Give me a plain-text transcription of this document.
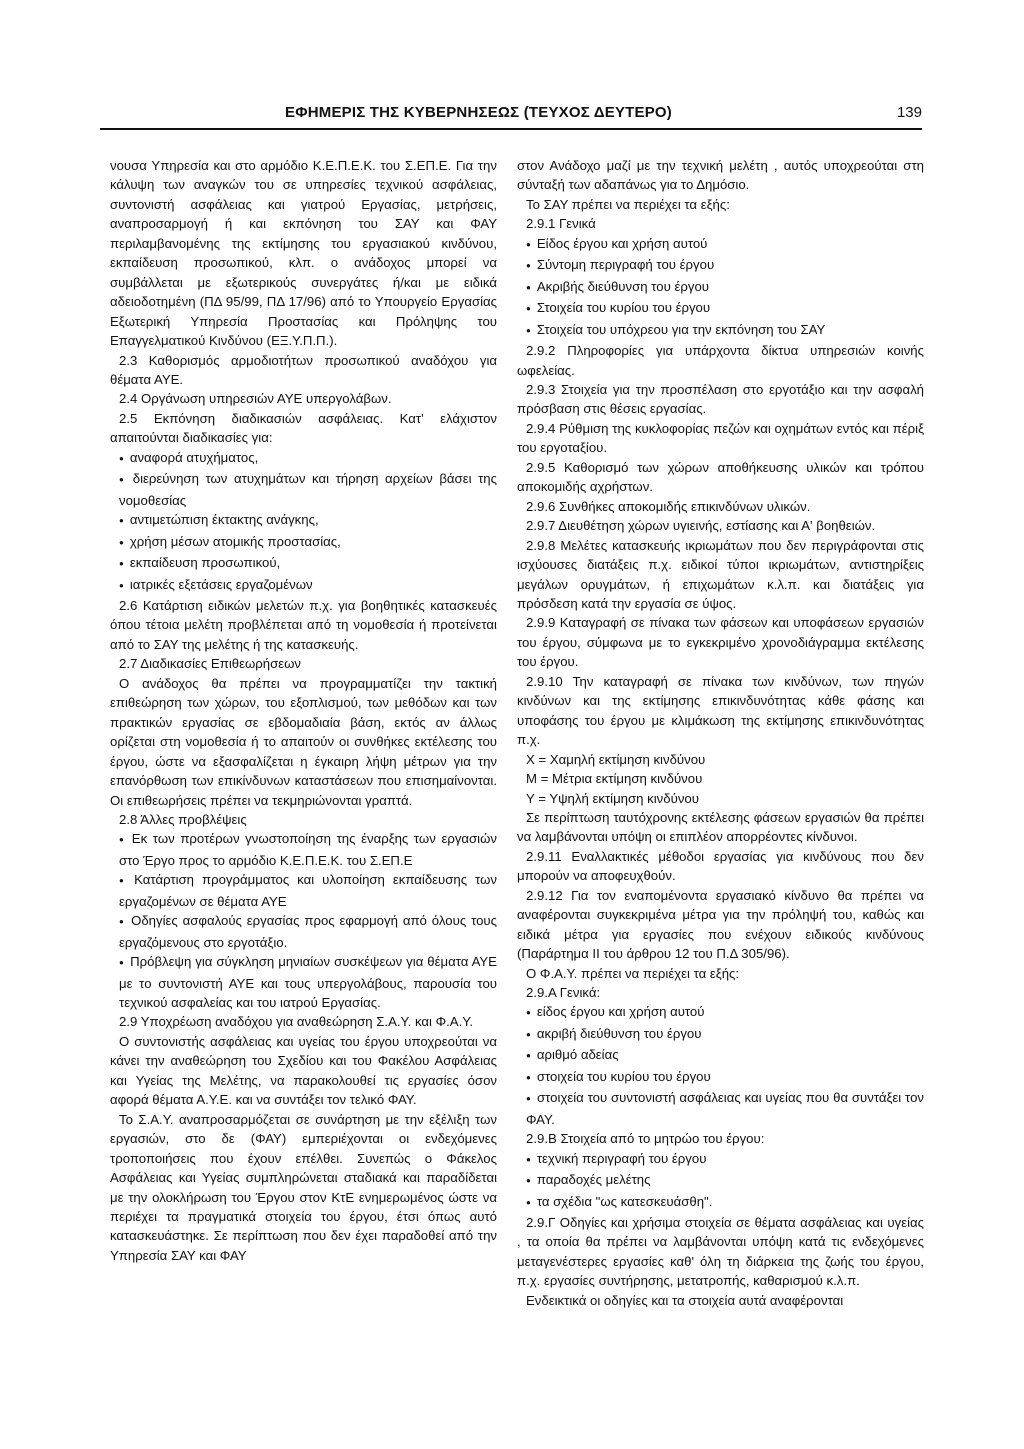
ΕΦΗΜΕΡΙΣ ΤΗΣ ΚΥΒΕΡΝΗΣΕΩΣ (ΤΕΥΧΟΣ ΔΕΥΤΕΡΟ)	139

νουσα Υπηρεσία και στο αρμόδιο Κ.Ε.Π.Ε.Κ. του Σ.ΕΠ.Ε. Για την κάλυψη των αναγκών του σε υπηρεσίες τεχνικού ασφάλειας, συντονιστή ασφάλειας και γιατρού Εργασίας, μετρήσεις, αναπροσαρμογή ή και εκπόνηση του ΣΑΥ και ΦΑΥ περιλαμβανομένης της εκτίμησης του εργασιακού κινδύνου, εκπαίδευση προσωπικού, κλπ. ο ανάδοχος μπορεί να συμβάλλεται με εξωτερικούς συνεργάτες ή/και με ειδικά αδειοδοτημένη (ΠΔ 95/99, ΠΔ 17/96) από το Υπουργείο Εργασίας Εξωτερική Υπηρεσία Προστασίας και Πρόληψης του Επαγγελματικού Κινδύνου (ΕΞ.Υ.Π.Π.).

2.3 Καθορισμός αρμοδιοτήτων προσωπικού αναδόχου για θέματα ΑΥΕ.

2.4 Οργάνωση υπηρεσιών ΑΥΕ υπεργολάβων.

2.5 Εκπόνηση διαδικασιών ασφάλειας. Κατ' ελάχιστον απαιτούνται διαδικασίες για:

● αναφορά ατυχήματος,

● διερεύνηση των ατυχημάτων και τήρηση αρχείων βάσει της νομοθεσίας

● αντιμετώπιση έκτακτης ανάγκης,

● χρήση μέσων ατομικής προστασίας,

● εκπαίδευση προσωπικού,

● ιατρικές εξετάσεις εργαζομένων

2.6 Κατάρτιση ειδικών μελετών π.χ. για βοηθητικές κατασκευές όπου τέτοια μελέτη προβλέπεται από τη νομοθεσία ή προτείνεται από το ΣΑΥ της μελέτης ή της κατασκευής.

2.7 Διαδικασίες Επιθεωρήσεων

Ο ανάδοχος θα πρέπει να προγραμματίζει την τακτική επιθεώρηση των χώρων, του εξοπλισμού, των μεθόδων και των πρακτικών εργασίας σε εβδομαδιαία βάση, εκτός αν άλλως ορίζεται στη νομοθεσία ή το απαιτούν οι συνθήκες εκτέλεσης του έργου, ώστε να εξασφαλίζεται η έγκαιρη λήψη μέτρων για την επανόρθωση των επικίνδυνων καταστάσεων που επισημαίνονται. Οι επιθεωρήσεις πρέπει να τεκμηριώνονται γραπτά.

2.8 Άλλες προβλέψεις

● Εκ των προτέρων γνωστοποίηση της έναρξης των εργασιών στο Έργο προς το αρμόδιο Κ.Ε.Π.Ε.Κ. του Σ.ΕΠ.Ε

● Κατάρτιση προγράμματος και υλοποίηση εκπαίδευσης των εργαζομένων σε θέματα ΑΥΕ

● Οδηγίες ασφαλούς εργασίας προς εφαρμογή από όλους τους εργαζόμενους στο εργοτάξιο.

● Πρόβλεψη για σύγκληση μηνιαίων συσκέψεων για θέματα ΑΥΕ με το συντονιστή ΑΥΕ και τους υπεργολάβους, παρουσία του τεχνικού ασφαλείας και του ιατρού Εργασίας.

2.9 Υποχρέωση αναδόχου για αναθεώρηση Σ.Α.Υ. και Φ.Α.Υ.

Ο συντονιστής ασφάλειας και υγείας του έργου υποχρεούται να κάνει την αναθεώρηση του Σχεδίου και του Φακέλου Ασφάλειας και Υγείας της Μελέτης, να παρακολουθεί τις εργασίες όσον αφορά θέματα Α.Υ.Ε. και να συντάξει τον τελικό ΦΑΥ.

Το Σ.Α.Υ. αναπροσαρμόζεται σε συνάρτηση με την εξέλιξη των εργασιών, στο δε (ΦΑΥ) εμπεριέχονται οι ενδεχόμενες τροποποιήσεις που έχουν επέλθει. Συνεπώς ο Φάκελος Ασφάλειας και Υγείας συμπληρώνεται σταδιακά και παραδίδεται με την ολοκλήρωση του Έργου στον ΚτΕ ενημερωμένος ώστε να περιέχει τα πραγματικά στοιχεία του έργου, έτσι όπως αυτό κατασκευάστηκε. Σε περίπτωση που δεν έχει παραδοθεί από την Υπηρεσία ΣΑΥ και ΦΑΥ

στον Ανάδοχο μαζί με την τεχνική μελέτη , αυτός υποχρεούται στη σύνταξή των αδαπάνως για το Δημόσιο.

Το ΣΑΥ πρέπει να περιέχει τα εξής:

2.9.1 Γενικά

● Είδος έργου και χρήση αυτού

● Σύντομη περιγραφή του έργου

● Ακριβής διεύθυνση του έργου

● Στοιχεία του κυρίου του έργου

● Στοιχεία του υπόχρεου για την εκπόνηση του ΣΑΥ

2.9.2 Πληροφορίες για υπάρχοντα δίκτυα υπηρεσιών κοινής ωφελείας.

2.9.3 Στοιχεία για την προσπέλαση στο εργοτάξιο και την ασφαλή πρόσβαση στις θέσεις εργασίας.

2.9.4 Ρύθμιση της κυκλοφορίας πεζών και οχημάτων εντός και πέριξ του εργοταξίου.

2.9.5 Καθορισμό των χώρων αποθήκευσης υλικών και τρόπου αποκομιδής αχρήστων.

2.9.6 Συνθήκες αποκομιδής επικινδύνων υλικών.

2.9.7 Διευθέτηση χώρων υγιεινής, εστίασης και Α' βοηθειών.

2.9.8 Μελέτες κατασκευής ικριωμάτων που δεν περιγράφονται στις ισχύουσες διατάξεις π.χ. ειδικοί τύποι ικριωμάτων, αντιστηρίξεις μεγάλων ορυγμάτων, ή επιχωμάτων κ.λ.π. και διατάξεις για πρόσδεση κατά την εργασία σε ύψος.

2.9.9 Καταγραφή σε πίνακα των φάσεων και υποφάσεων εργασιών του έργου, σύμφωνα με το εγκεκριμένο χρονοδιάγραμμα εκτέλεσης του έργου.

2.9.10 Την καταγραφή σε πίνακα των κινδύνων, των πηγών κινδύνων και της εκτίμησης επικινδυνότητας κάθε φάσης και υποφάσης του έργου με κλιμάκωση της εκτίμησης επικινδυνότητας π.χ.

Χ = Χαμηλή εκτίμηση κινδύνου

Μ = Μέτρια εκτίμηση κινδύνου

Υ = Υψηλή εκτίμηση κινδύνου

Σε περίπτωση ταυτόχρονης εκτέλεσης φάσεων εργασιών θα πρέπει να λαμβάνονται υπόψη οι επιπλέον απορρέοντες κίνδυνοι.

2.9.11 Εναλλακτικές μέθοδοι εργασίας για κινδύνους που δεν μπορούν να αποφευχθούν.

2.9.12 Για τον εναπομένοντα εργασιακό κίνδυνο θα πρέπει να αναφέρονται συγκεκριμένα μέτρα για την πρόληψή του, καθώς και ειδικά μέτρα για εργασίες που ενέχουν ειδικούς κινδύνους (Παράρτημα ΙΙ του άρθρου 12 του Π.Δ 305/96).

Ο Φ.Α.Υ. πρέπει να περιέχει τα εξής:

2.9.Α Γενικά:

● είδος έργου και χρήση αυτού

● ακριβή διεύθυνση του έργου

● αριθμό αδείας

● στοιχεία του κυρίου του έργου

● στοιχεία του συντονιστή ασφάλειας και υγείας που θα συντάξει τον ΦΑΥ.

2.9.Β Στοιχεία από το μητρώο του έργου:

● τεχνική περιγραφή του έργου

● παραδοχές μελέτης

● τα σχέδια "ως κατεσκευάσθη".

2.9.Γ Οδηγίες και χρήσιμα στοιχεία σε θέματα ασφάλειας και υγείας , τα οποία θα πρέπει να λαμβάνονται υπόψη κατά τις ενδεχόμενες μεταγενέστερες εργασίες καθ' όλη τη διάρκεια της ζωής του έργου, π.χ. εργασίες συντήρησης, μετατροπής, καθαρισμού κ.λ.π.

Ενδεικτικά οι οδηγίες και τα στοιχεία αυτά αναφέρονται
